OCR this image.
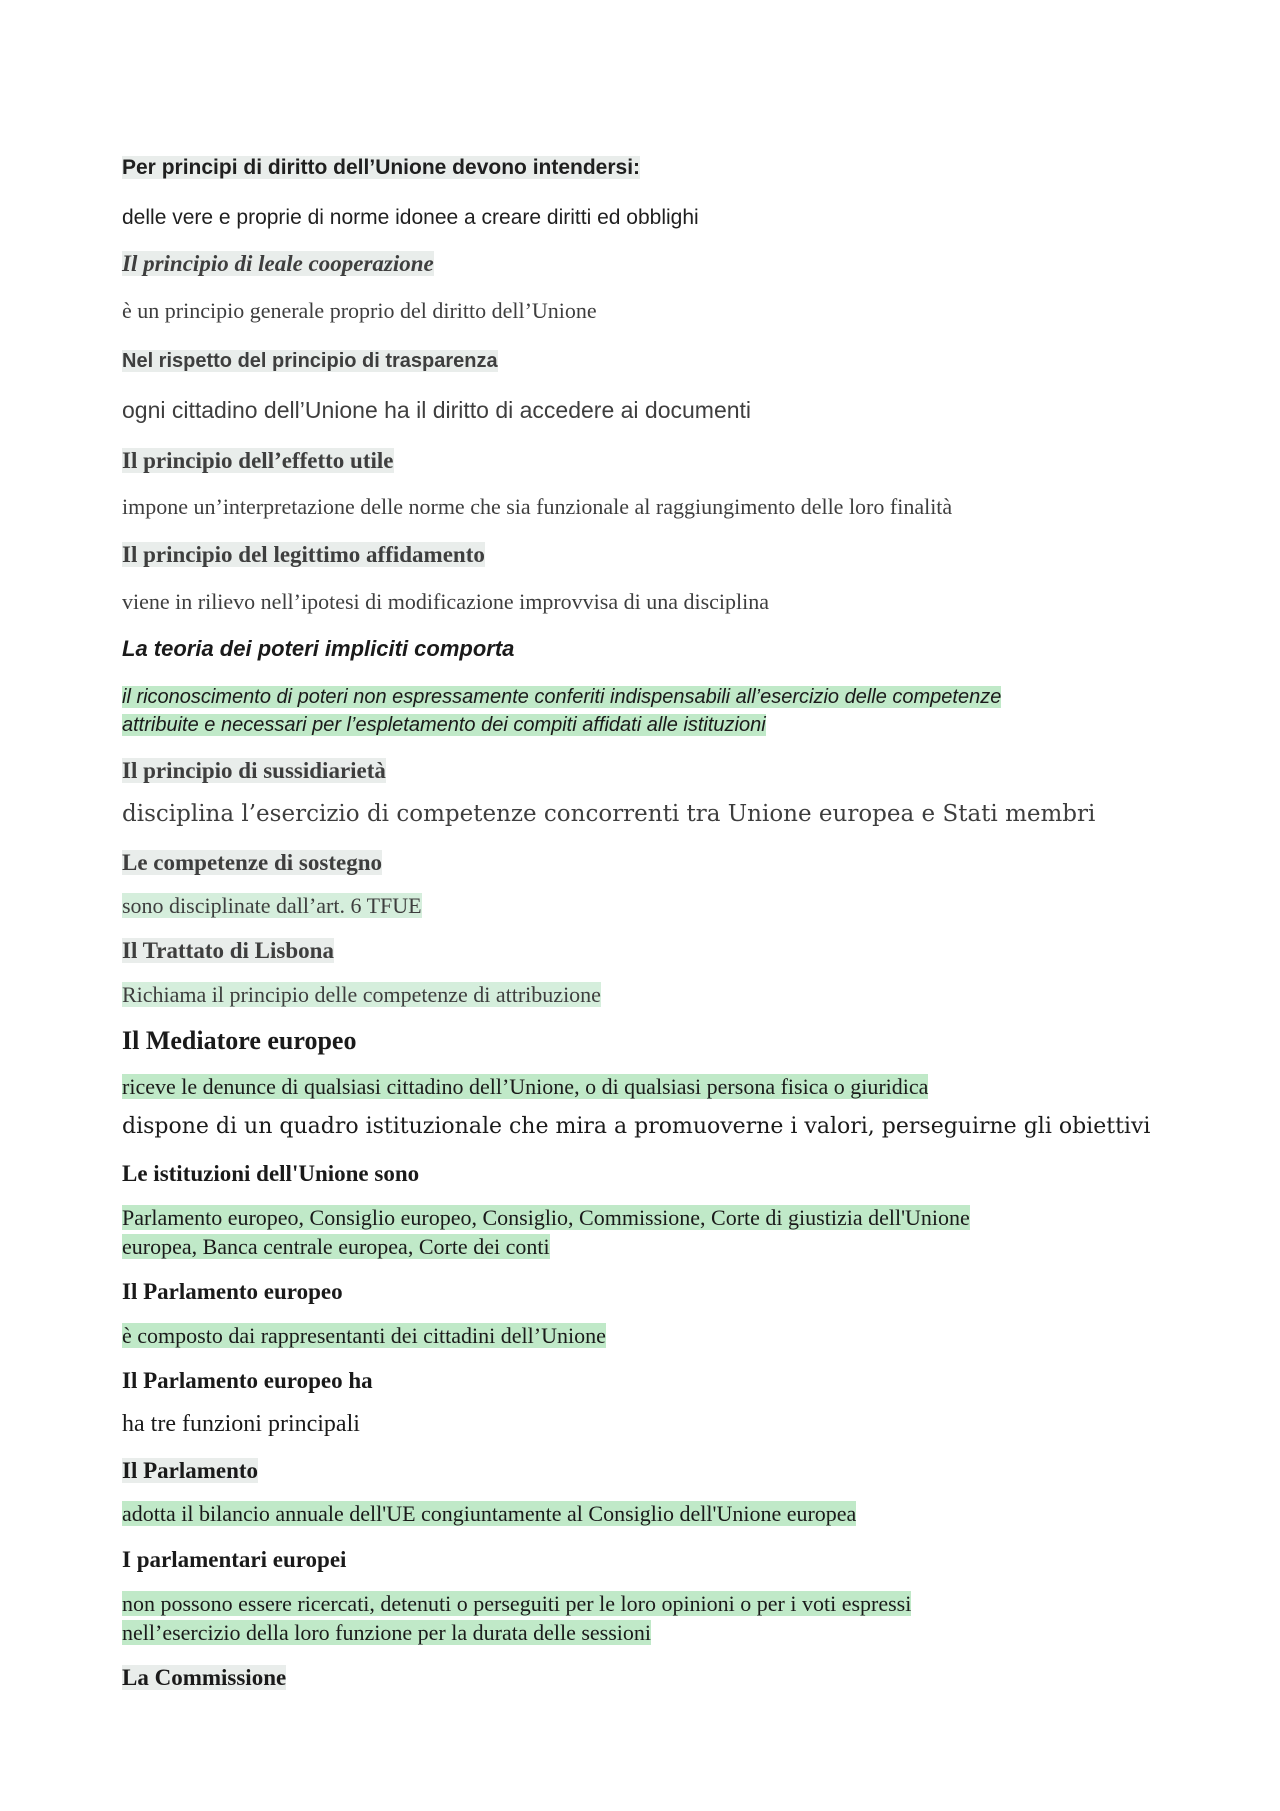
Per principi di diritto dell’Unione devono intendersi:

delle vere e proprie di norme idonee a creare diritti ed obblighi

Il principio di leale cooperazione

è un principio generale proprio del diritto dell’Unione

Nel rispetto del principio di trasparenza

ogni cittadino dell’Unione ha il diritto di accedere ai documenti

Il principio dell’effetto utile

impone un’interpretazione delle norme che sia funzionale al raggiungimento delle loro finalità

Il principio del legittimo affidamento

viene in rilievo nell’ipotesi di modificazione improvvisa di una disciplina

La teoria dei poteri impliciti comporta

il riconoscimento di poteri non espressamente conferiti indispensabili all’esercizio delle competenze

attribuite e necessari per l’espletamento dei compiti affidati alle istituzioni

Il principio di sussidiarietà

disciplina l’esercizio di competenze concorrenti tra Unione europea e Stati membri

Le competenze di sostegno

sono disciplinate dall’art. 6 TFUE

Il Trattato di Lisbona

Richiama il principio delle competenze di attribuzione

Il Mediatore europeo

riceve le denunce di qualsiasi cittadino dell’Unione, o di qualsiasi persona fisica o giuridica

dispone di un quadro istituzionale che mira a promuoverne i valori, perseguirne gli obiettivi

Le istituzioni dell'Unione sono

Parlamento europeo, Consiglio europeo, Consiglio, Commissione, Corte di giustizia dell'Unione

europea, Banca centrale europea, Corte dei conti

Il Parlamento europeo

è composto dai rappresentanti dei cittadini dell’Unione

Il Parlamento europeo ha

ha tre funzioni principali

Il Parlamento

adotta il bilancio annuale dell'UE congiuntamente al Consiglio dell'Unione europea

I parlamentari europei

non possono essere ricercati, detenuti o perseguiti per le loro opinioni o per i voti espressi

nell’esercizio della loro funzione per la durata delle sessioni

La Commissione
